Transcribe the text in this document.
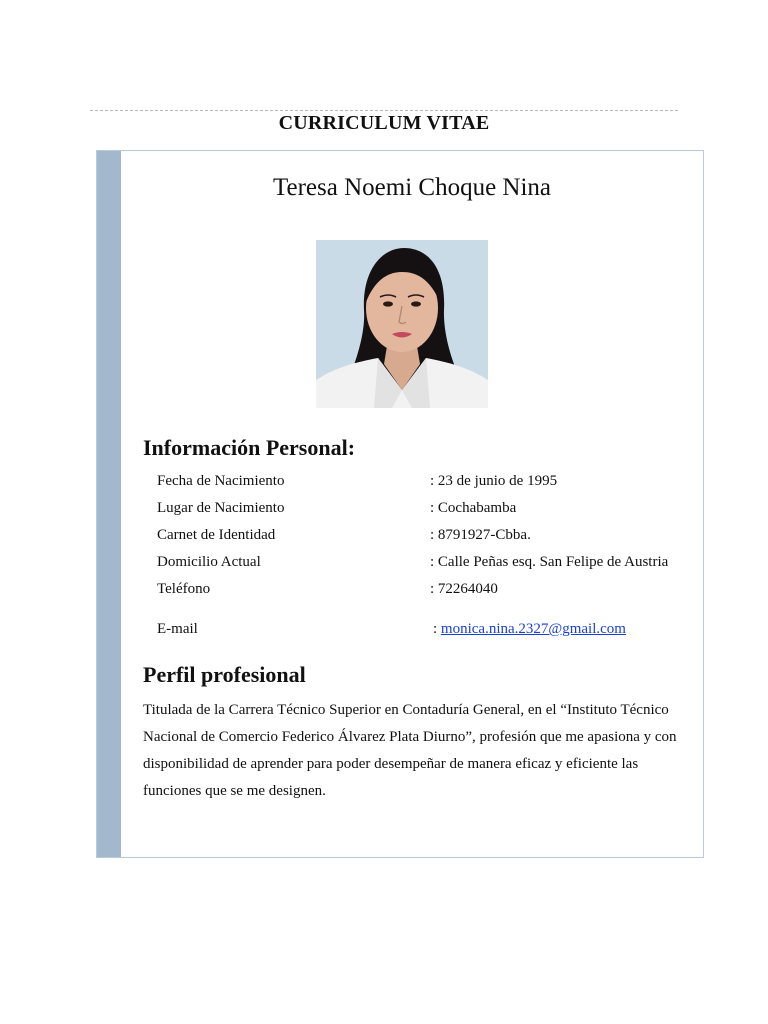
CURRICULUM VITAE
Teresa Noemi Choque Nina
Información Personal:
Fecha de Nacimiento	: 23 de junio de 1995
Lugar de Nacimiento	: Cochabamba
Carnet de Identidad	: 8791927-Cbba.
Domicilio Actual	: Calle Peñas esq. San Felipe de Austria
Teléfono	: 72264040
E-mail	: monica.nina.2327@gmail.com
Perfil profesional
Titulada de la Carrera Técnico Superior en Contaduría General, en el “Instituto Técnico Nacional de Comercio Federico Álvarez Plata Diurno”, profesión que me apasiona y con disponibilidad de aprender para poder desempeñar de manera eficaz y eficiente las funciones que se me designen.
